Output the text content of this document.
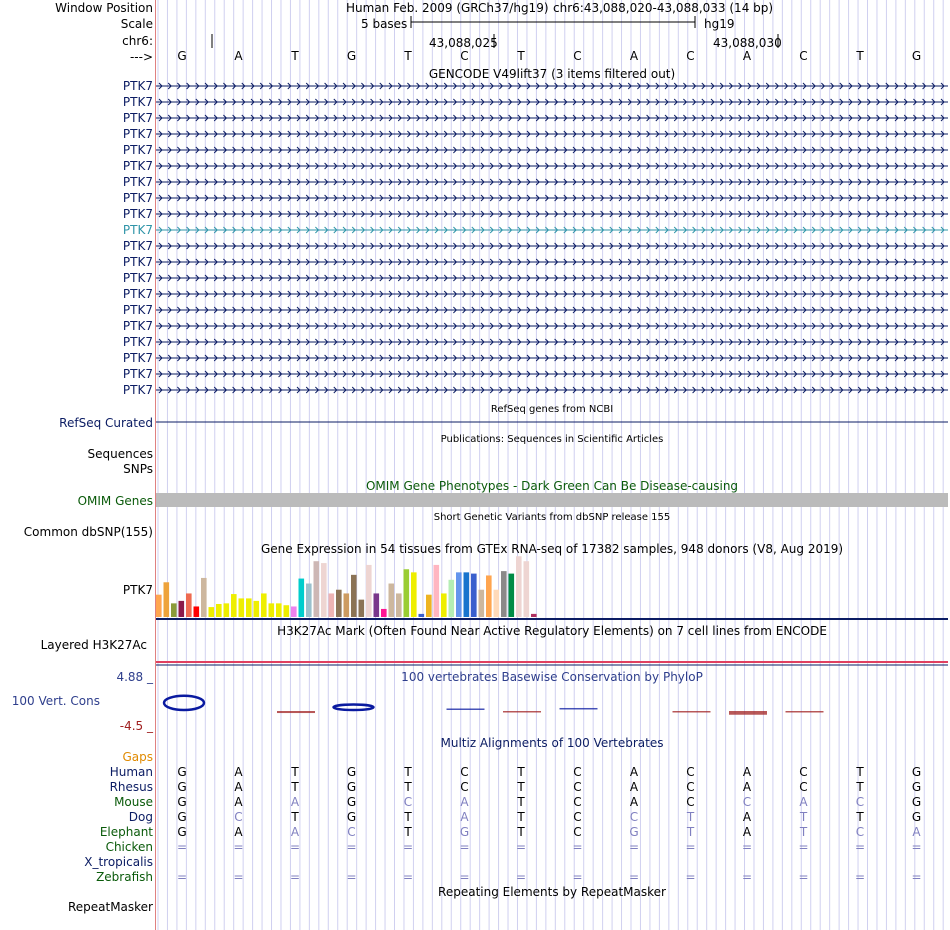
Window Position	Human Feb. 2009 (GRCh37/hg19) chr6:43,088,020-43,088,033 (14 bp)
Scale	5 bases	hg19
chr6:	43,088,025	43,088,030
---> G	A	T	G	T	C	T	C	A	C	A	C	T	G
GENCODE V49lift37 (3 items filtered out)
PTK7
PTK7
PTK7
PTK7
PTK7
PTK7
PTK7
PTK7
PTK7
PTK7
PTK7
PTK7
PTK7
PTK7
PTK7
PTK7
PTK7
PTK7
PTK7
PTK7
RefSeq genes from NCBI
RefSeq Curated
Publications: Sequences in Scientific Articles
Sequences
SNPs
OMIM Gene Phenotypes - Dark Green Can Be Disease-causing
OMIM Genes
Short Genetic Variants from dbSNP release 155
Common dbSNP(155)
Gene Expression in 54 tissues from GTEx RNA-seq of 17382 samples, 948 donors (V8, Aug 2019)
PTK7
H3K27Ac Mark (Often Found Near Active Regulatory Elements) on 7 cell lines from ENCODE
Layered H3K27Ac
100 vertebrates Basewise Conservation by PhyloP
4.88 _
100 Vert. Cons
-4.5 _
Multiz Alignments of 100 Vertebrates
Gaps
Human G	A	T	G	T	C	T	C	A	C	A	C	T	G
Rhesus G	A	T	G	T	C	T	C	A	C	A	C	T	G
Mouse G	A	A	G	C	A	T	C	A	C	C	A	C	G
Dog G	C	T	G	T	A	T	C	C	T	A	T	T	G
Elephant G	A	A	C	T	G	T	C	G	T	A	T	C	A
Chicken =	=	=	=	=	=	=	=	=	=	=	=	=	=
X_tropicalis
Zebrafish =	=	=	=	=	=	=	=	=	=	=	=	=	=
Repeating Elements by RepeatMasker
RepeatMasker
